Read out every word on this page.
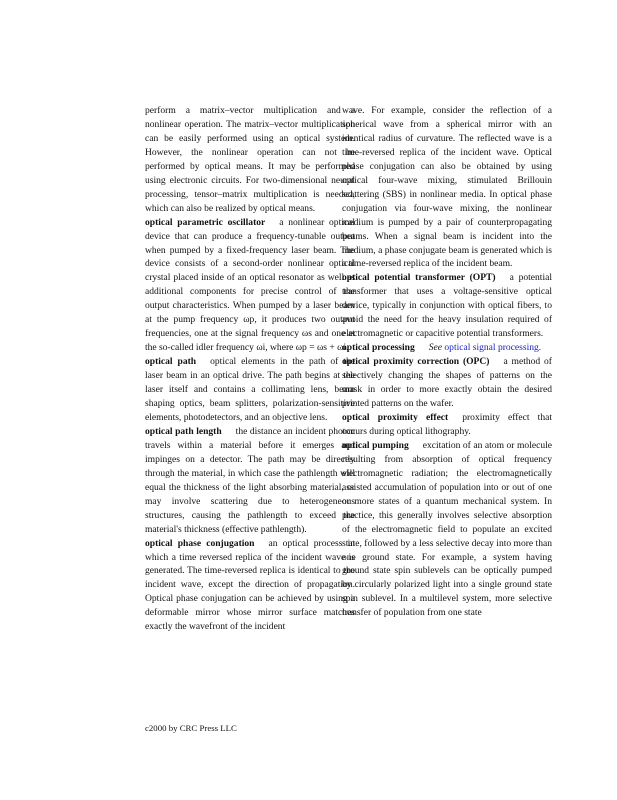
perform a matrix–vector multiplication and a nonlinear operation. The matrix–vector multiplication can be easily performed using an optical system. However, the nonlinear operation can not be performed by optical means. It may be performed using electronic circuits. For two-dimensional neural processing, tensor–matrix multiplication is needed, which can also be realized by optical means.

optical parametric oscillator a nonlinear optical device that can produce a frequency-tunable output when pumped by a fixed-frequency laser beam. The device consists of a second-order nonlinear optical crystal placed inside of an optical resonator as well as additional components for precise control of the output characteristics. When pumped by a laser beam at the pump frequency ωp, it produces two output frequencies, one at the signal frequency ωs and one at the so-called idler frequency ωi, where ωp = ωs + ωi.

optical path optical elements in the path of the laser beam in an optical drive. The path begins at the laser itself and contains a collimating lens, beam shaping optics, beam splitters, polarization-sensitive elements, photodetectors, and an objective lens.

optical path length the distance an incident photon travels within a material before it emerges and impinges on a detector. The path may be directly through the material, in which case the pathlength will equal the thickness of the light absorbing material, or may involve scattering due to heterogeneous structures, causing the pathlength to exceed the material's thickness (effective pathlength).

optical phase conjugation an optical process in which a time reversed replica of the incident wave is generated. The time-reversed replica is identical to the incident wave, except the direction of propagation. Optical phase conjugation can be achieved by using a deformable mirror whose mirror surface matches exactly the wavefront of the incident

wave. For example, consider the reflection of a spherical wave from a spherical mirror with an identical radius of curvature. The reflected wave is a time-reversed replica of the incident wave. Optical phase conjugation can also be obtained by using optical four-wave mixing, stimulated Brillouin scattering (SBS) in nonlinear media. In optical phase conjugation via four-wave mixing, the nonlinear medium is pumped by a pair of counterpropagating beams. When a signal beam is incident into the medium, a phase conjugate beam is generated which is a time-reversed replica of the incident beam.

optical potential transformer (OPT) a potential transformer that uses a voltage-sensitive optical device, typically in conjunction with optical fibers, to avoid the need for the heavy insulation required of electromagnetic or capacitive potential transformers.

optical processing See optical signal processing.

optical proximity correction (OPC) a method of selectively changing the shapes of patterns on the mask in order to more exactly obtain the desired printed patterns on the wafer.

optical proximity effect proximity effect that occurs during optical lithography.

optical pumping excitation of an atom or molecule resulting from absorption of optical frequency electromagnetic radiation; the electromagnetically assisted accumulation of population into or out of one or more states of a quantum mechanical system. In practice, this generally involves selective absorption of the electromagnetic field to populate an excited state, followed by a less selective decay into more than one ground state. For example, a system having ground state spin sublevels can be optically pumped by circularly polarized light into a single ground state spin sublevel. In a multilevel system, more selective transfer of population from one state

c2000 by CRC Press LLC
